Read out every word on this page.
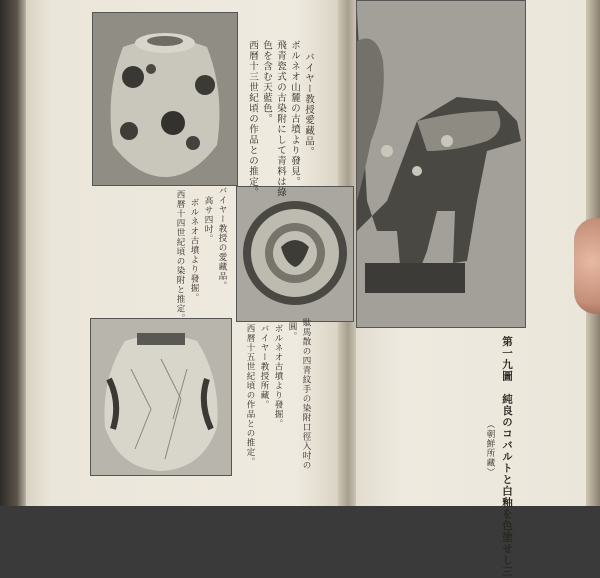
バイヤー教授愛藏品。
ボルネオ山麓の古墳より發見。
飛青瓷式の古染附にして青料は綠
色を含む天藍色。
西暦十三世紀頃の作品との推定。
バイヤー教授の愛藏品。
高サ四吋。
ボルネオ古墳より發掘。
西暦十四世紀頃の染附と推定。
駄馬散の四青紋手の染附口徑入吋の
圓。
ボルネオ古墳より發掘。
バイヤー教授所藏。
西暦十五世紀頃の作品との推定。	第一九圖　純良のコバルトと白釉を色塗せし三
（朝鮮所藏）
